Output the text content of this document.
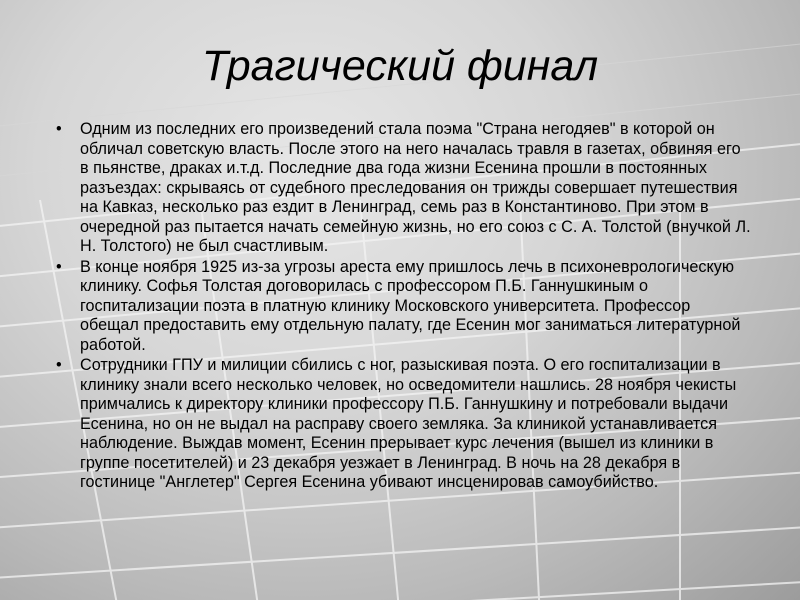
Трагический финал
• Одним из последних его произведений стала поэма "Страна негодяев" в которой он обличал советскую власть. После этого на него началась травля в газетах, обвиняя его в пьянстве, драках и.т.д. Последние два года жизни Есенина прошли в постоянных разъездах: скрываясь от судебного преследования он трижды совершает путешествия на Кавказ, несколько раз ездит в Ленинград, семь раз в Константиново. При этом в очередной раз пытается начать семейную жизнь, но его союз с С. А. Толстой (внучкой Л. Н. Толстого) не был счастливым.
• В конце ноября 1925 из-за угрозы ареста ему пришлось лечь в психоневрологическую клинику. Софья Толстая договорилась с профессором П.Б. Ганнушкиным о госпитализации поэта в платную клинику Московского университета. Профессор обещал предоставить ему отдельную палату, где Есенин мог заниматься литературной работой.
• Сотрудники ГПУ и милиции сбились с ног, разыскивая поэта. О его госпитализации в клинику знали всего несколько человек, но осведомители нашлись. 28 ноября чекисты примчались к директору клиники профессору П.Б. Ганнушкину и потребовали выдачи Есенина, но он не выдал на расправу своего земляка. За клиникой устанавливается наблюдение. Выждав момент, Есенин прерывает курс лечения (вышел из клиники в группе посетителей) и 23 декабря уезжает в Ленинград. В ночь на 28 декабря в гостинице "Англетер" Сергея Есенина убивают инсценировав самоубийство.
